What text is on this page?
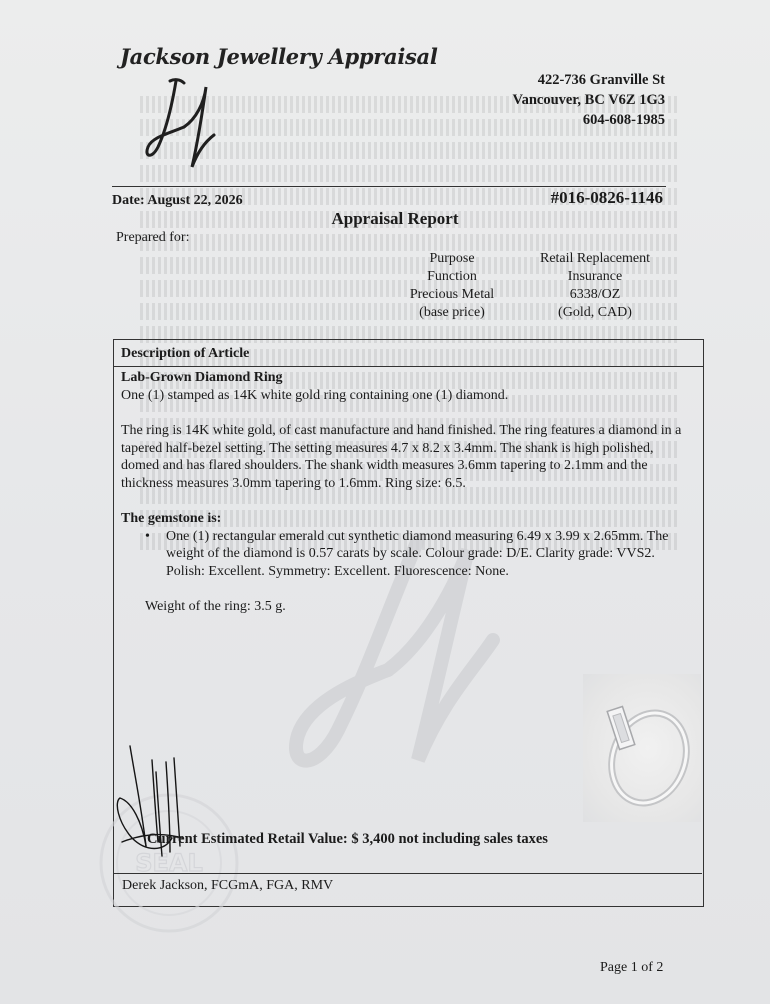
Jackson Jewellery Appraisal
422-736 Granville St
Vancouver, BC V6Z 1G3
604-608-1985
Date: August 22, 2026	#016-0826-1146
Appraisal Report
Prepared for:
Purpose
Function
Precious Metal
(base price)
Retail Replacement
Insurance
6338/OZ
(Gold, CAD)
Description of Article

Lab-Grown Diamond Ring

One (1) stamped as 14K white gold ring containing one (1) diamond.

The ring is 14K white gold, of cast manufacture and hand finished. The ring features a diamond in a tapered half-bezel setting. The setting measures 4.7 x 8.2 x 3.4mm. The shank is high polished, domed and has flared shoulders. The shank width measures 3.6mm tapering to 2.1mm and the thickness measures 3.0mm tapering to 1.6mm. Ring size: 6.5.

The gemstone is:

• One (1) rectangular emerald cut synthetic diamond measuring 6.49 x 3.99 x 2.65mm. The weight of the diamond is 0.57 carats by scale. Colour grade: D/E. Clarity grade: VVS2. Polish: Excellent. Symmetry: Excellent. Fluorescence: None.

Weight of the ring: 3.5 g.

SEAL
Current Estimated Retail Value: $ 3,400 not including sales taxes
Derek Jackson, FCGmA, FGA, RMV
Page 1 of 2
